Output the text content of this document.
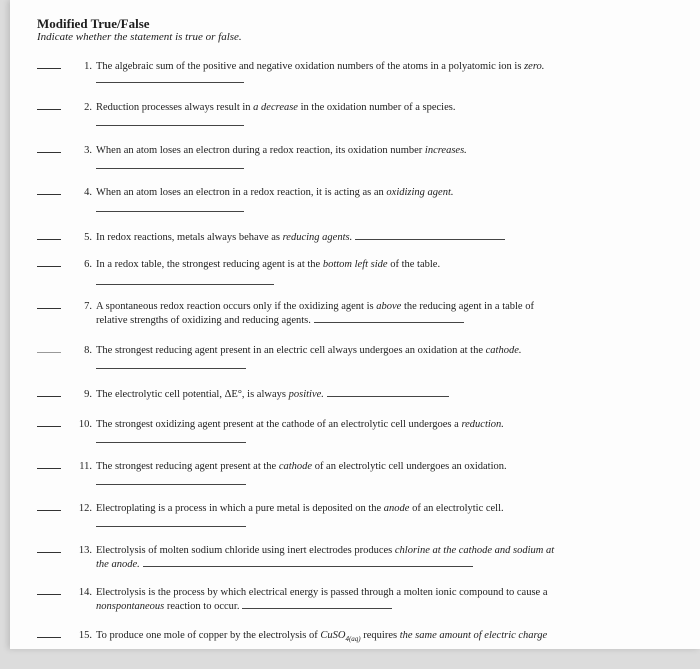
Modified True/False
Indicate whether the statement is true or false.
1. The algebraic sum of the positive and negative oxidation numbers of the atoms in a polyatomic ion is zero.
2. Reduction processes always result in a decrease in the oxidation number of a species.
3. When an atom loses an electron during a redox reaction, its oxidation number increases.
4. When an atom loses an electron in a redox reaction, it is acting as an oxidizing agent.
5. In redox reactions, metals always behave as reducing agents.
6. In a redox table, the strongest reducing agent is at the bottom left side of the table.
7. A spontaneous redox reaction occurs only if the oxidizing agent is above the reducing agent in a table of
relative strengths of oxidizing and reducing agents.
8. The strongest reducing agent present in an electric cell always undergoes an oxidation at the cathode.
9. The electrolytic cell potential, ΔE°, is always positive.
10. The strongest oxidizing agent present at the cathode of an electrolytic cell undergoes a reduction.
11. The strongest reducing agent present at the cathode of an electrolytic cell undergoes an oxidation.
12. Electroplating is a process in which a pure metal is deposited on the anode of an electrolytic cell.
13. Electrolysis of molten sodium chloride using inert electrodes produces chlorine at the cathode and sodium at
the anode.
14. Electrolysis is the process by which electrical energy is passed through a molten ionic compound to cause a
nonspontaneous reaction to occur.
15. To produce one mole of copper by the electrolysis of CuSO$_{4(aq)}$ requires the same amount of electric charge
